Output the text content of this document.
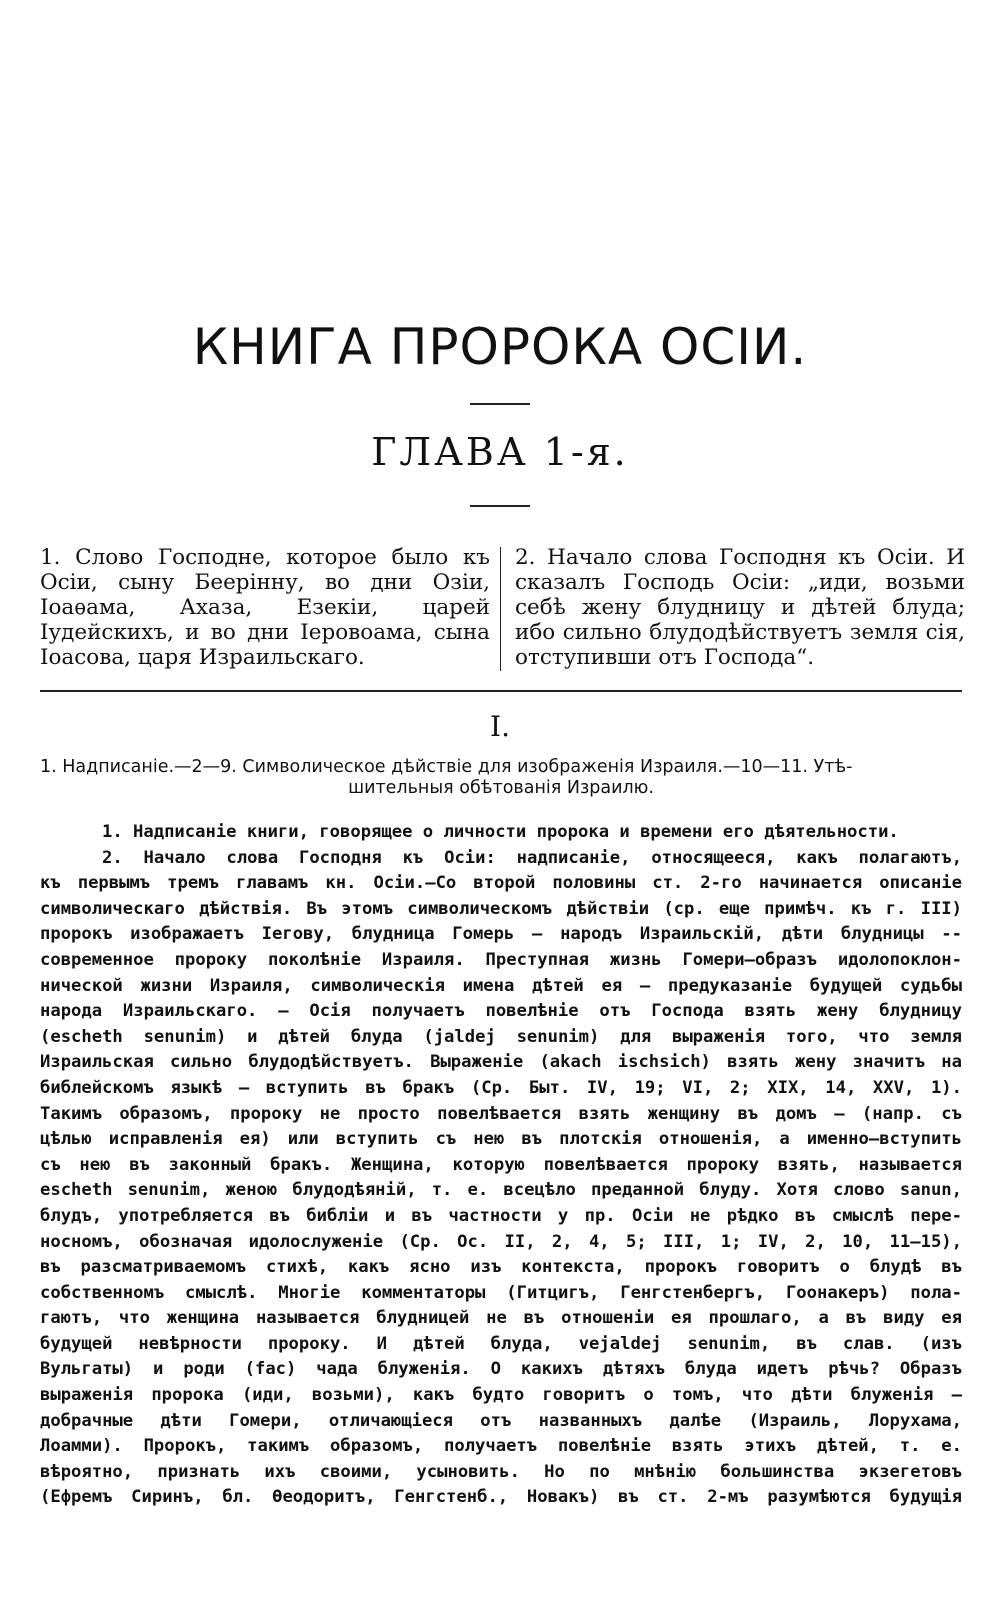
КНИГА ПРОРОКА ОСІИ.
ГЛАВА 1-я.
1. Слово Господне, которое было къ Осіи, сыну Беерінну, во дни Озіи, Іоаѳама, Ахаза, Езекіи, царей Іудейскихъ, и во дни Іеровоама, сына Іоасова, царя Израильскаго.
2. Начало слова Господня къ Осіи. И сказалъ Господь Осіи: „иди, возьми себѣ жену блудницу и дѣтей блуда; ибо сильно блудодѣйствуетъ земля сія, отступивши отъ Господа“.
I.
1. Надписаніе.—2—9. Символическое дѣйствіе для изображенія Израиля.—10—11. Утѣ-
шительныя обѣтованія Израилю.
1. Надписаніе книги, говорящее о личности пророка и времени его дѣятельности.
2. Начало слова Господня къ Осіи: надписаніе, относящееся, какъ полагаютъ,
къ первымъ тремъ главамъ кн. Осіи.—Со второй половины ст. 2-го начинается описаніе
символическаго дѣйствія. Въ этомъ символическомъ дѣйствіи (ср. еще примѣч. къ г. III)
пророкъ изображаетъ Іегову, блудница Гомерь — народъ Израильскій, дѣти блудницы --
современное пророку поколѣніе Израиля. Преступная жизнь Гомери—образъ идолопоклон-
нической жизни Израиля, символическія имена дѣтей ея — предуказаніе будущей судьбы
народа Израильскаго. — Осія получаетъ повелѣніе отъ Господа взять жену блудницу
(escheth senunim) и дѣтей блуда (jaldej senunim) для выраженія того, что земля
Израильская сильно блудодѣйствуетъ. Выраженіе (akach ischsich) взять жену значитъ на
библейскомъ языкѣ — вступить въ бракъ (Ср. Быт. IV, 19; VI, 2; XIX, 14, XXV, 1).
Такимъ образомъ, пророку не просто повелѣвается взять женщину въ домъ — (напр. съ
цѣлью исправленія ея) или вступить съ нею въ плотскія отношенія, а именно—вступить
съ нею въ законный бракъ. Женщина, которую повелѣвается пророку взять, называется
escheth senunim, женою блудодѣяній, т. е. всецѣло преданной блуду. Хотя слово sanun,
блудъ, употребляется въ библіи и въ частности у пр. Осіи не рѣдко въ смыслѣ пере-
носномъ, обозначая идолослуженіе (Ср. Ос. II, 2, 4, 5; III, 1; IV, 2, 10, 11—15),
въ разсматриваемомъ стихѣ, какъ ясно изъ контекста, пророкъ говоритъ о блудѣ въ
собственномъ смыслѣ. Многіе комментаторы (Гитцигъ, Генгстенбергъ, Гоонакеръ) пола-
гаютъ, что женщина называется блудницей не въ отношеніи ея прошлаго, а въ виду ея
будущей невѣрности пророку. И дѣтей блуда, vejaldej senunim, въ слав. (изъ
Вульгаты) и роди (fac) чада блуженія. О какихъ дѣтяхъ блуда идетъ рѣчь? Образъ
выраженія пророка (иди, возьми), какъ будто говоритъ о томъ, что дѣти блуженія —
добрачные дѣти Гомери, отличающіеся отъ названныхъ далѣе (Израиль, Лорухама,
Лоамми). Пророкъ, такимъ образомъ, получаетъ повелѣніе взять этихъ дѣтей, т. е.
вѣроятно, признать ихъ своими, усыновить. Но по мнѣнію большинства экзегетовъ
(Ефремъ Сиринъ, бл. Ѳеодоритъ, Генгстенб., Новакъ) въ ст. 2-мъ разумѣются будущія
